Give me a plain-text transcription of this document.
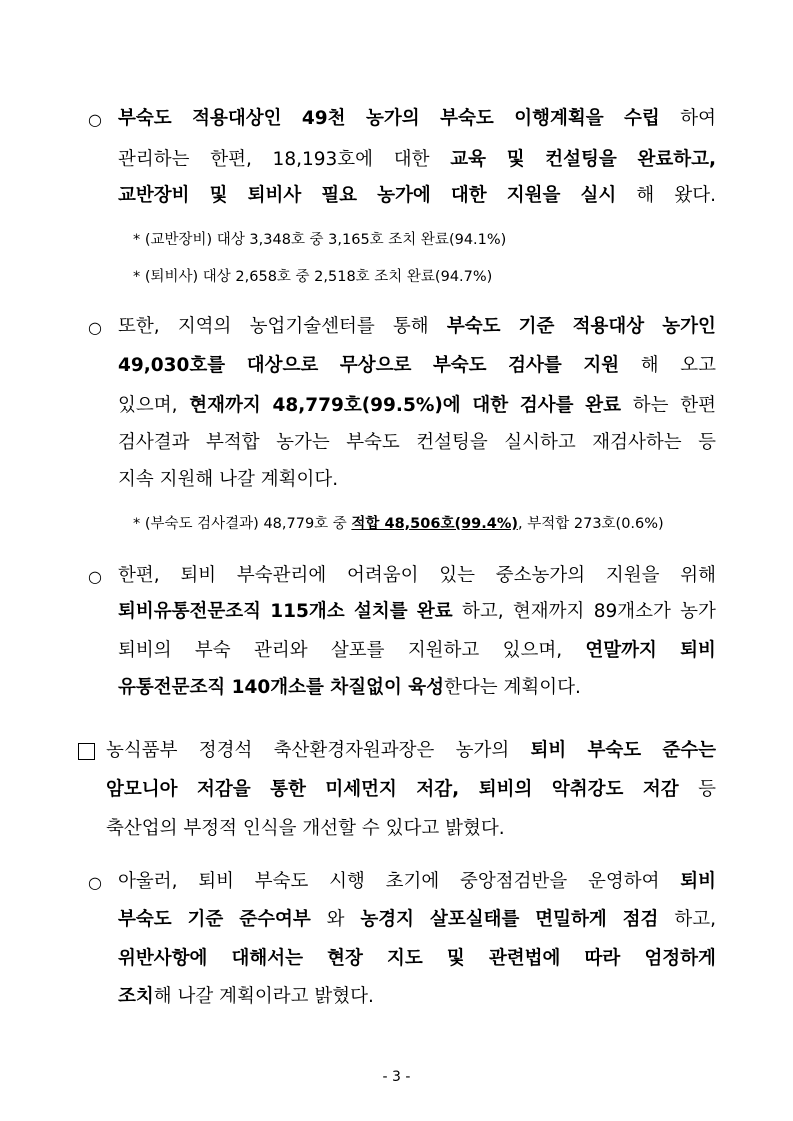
○ 부숙도 적용대상인 49천 농가의 부숙도 이행계획을 수립 하여
관리하는 한편, 18,193호에 대한 교육 및 컨설팅을 완료하고,
교반장비 및 퇴비사 필요 농가에 대한 지원을 실시 해 왔다.
* (교반장비) 대상 3,348호 중 3,165호 조치 완료(94.1%)
* (퇴비사) 대상 2,658호 중 2,518호 조치 완료(94.7%)
○ 또한, 지역의 농업기술센터를 통해 부숙도 기준 적용대상 농가인
49,030호를 대상으로 무상으로 부숙도 검사를 지원 해 오고
있으며, 현재까지 48,779호(99.5%)에 대한 검사를 완료 하는 한편
검사결과 부적합 농가는 부숙도 컨설팅을 실시하고 재검사하는 등
지속 지원해 나갈 계획이다.
* (부숙도 검사결과) 48,779호 중 적합 48,506호(99.4%), 부적합 273호(0.6%)
○ 한편, 퇴비 부숙관리에 어려움이 있는 중소농가의 지원을 위해
퇴비유통전문조직 115개소 설치를 완료 하고, 현재까지 89개소가 농가
퇴비의 부숙 관리와 살포를 지원하고 있으며, 연말까지 퇴비
유통전문조직 140개소를 차질없이 육성한다는 계획이다.
농식품부 정경석 축산환경자원과장은 농가의 퇴비 부숙도 준수는
암모니아 저감을 통한 미세먼지 저감, 퇴비의 악취강도 저감 등
축산업의 부정적 인식을 개선할 수 있다고 밝혔다.
○ 아울러, 퇴비 부숙도 시행 초기에 중앙점검반을 운영하여 퇴비
부숙도 기준 준수여부 와 농경지 살포실태를 면밀하게 점검 하고,
위반사항에 대해서는 현장 지도 및 관련법에 따라 엄정하게
조치해 나갈 계획이라고 밝혔다.
- 3 -
